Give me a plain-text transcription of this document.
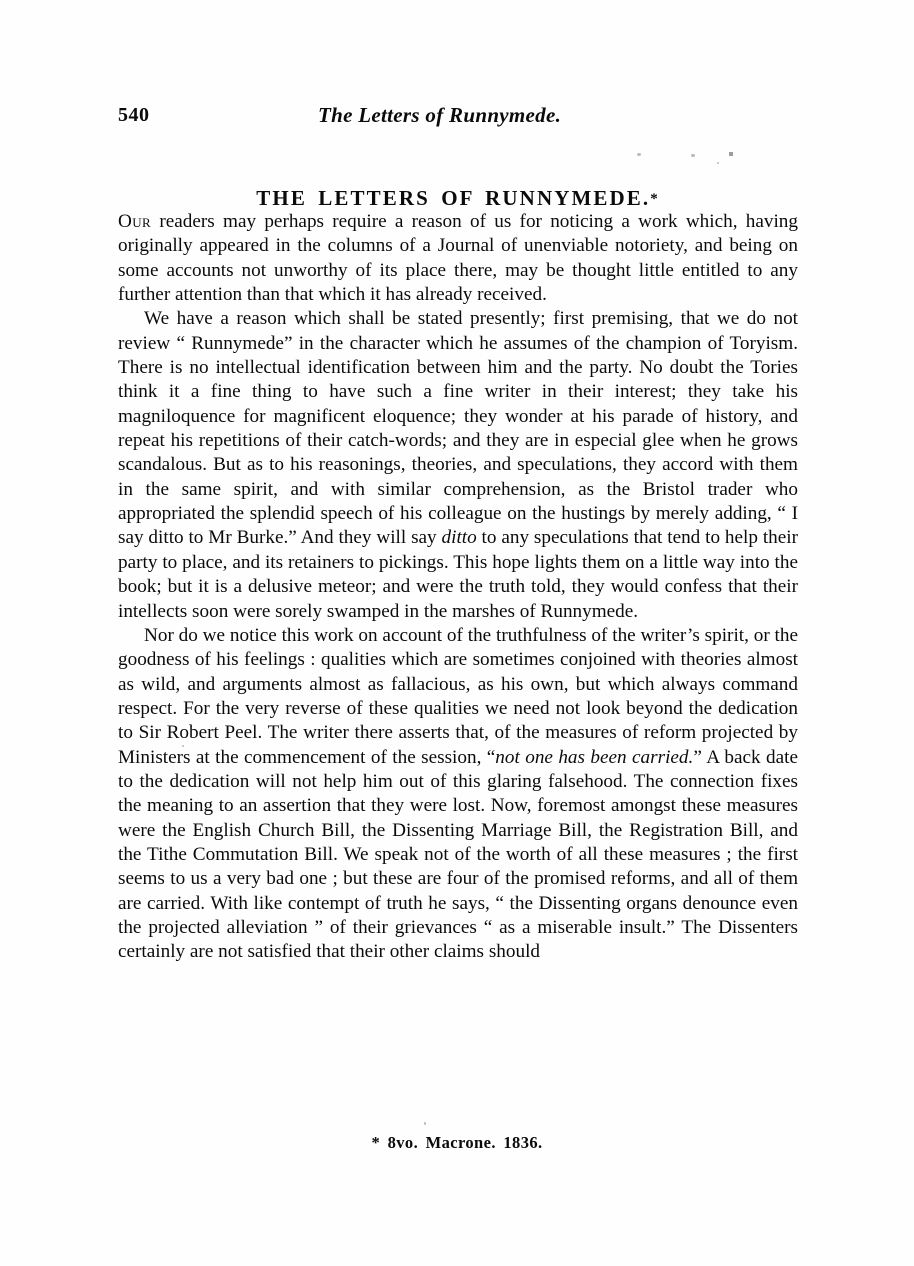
540	The Letters of Runnymede.
THE LETTERS OF RUNNYMEDE.*

Our readers may perhaps require a reason of us for noticing a work which, having originally appeared in the columns of a Journal of unenviable notoriety, and being on some accounts not unworthy of its place there, may be thought little entitled to any further attention than that which it has already received.

We have a reason which shall be stated presently; first premising, that we do not review “ Runnymede” in the character which he assumes of the champion of Toryism. There is no intellectual identification between him and the party. No doubt the Tories think it a fine thing to have such a fine writer in their interest; they take his magniloquence for magnificent eloquence; they wonder at his parade of history, and repeat his repetitions of their catch-words; and they are in especial glee when he grows scandalous. But as to his reasonings, theories, and speculations, they accord with them in the same spirit, and with similar comprehension, as the Bristol trader who appropriated the splendid speech of his colleague on the hustings by merely adding, “ I say ditto to Mr Burke.” And they will say ditto to any speculations that tend to help their party to place, and its retainers to pickings. This hope lights them on a little way into the book; but it is a delusive meteor; and were the truth told, they would confess that their intellects soon were sorely swamped in the marshes of Runnymede.

Nor do we notice this work on account of the truthfulness of the writer’s spirit, or the goodness of his feelings : qualities which are sometimes conjoined with theories almost as wild, and arguments almost as fallacious, as his own, but which always command respect. For the very reverse of these qualities we need not look beyond the dedication to Sir Robert Peel. The writer there asserts that, of the measures of reform projected by Ministers at the commencement of the session, “not one has been carried.” A back date to the dedication will not help him out of this glaring falsehood. The connection fixes the meaning to an assertion that they were lost. Now, foremost amongst these measures were the English Church Bill, the Dissenting Marriage Bill, the Registration Bill, and the Tithe Commutation Bill. We speak not of the worth of all these measures ; the first seems to us a very bad one ; but these are four of the promised reforms, and all of them are carried. With like contempt of truth he says, “ the Dissenting organs denounce even the projected alleviation ” of their grievances “ as a miserable insult.” The Dissenters certainly are not satisfied that their other claims should

* 8vo. Macrone. 1836.
